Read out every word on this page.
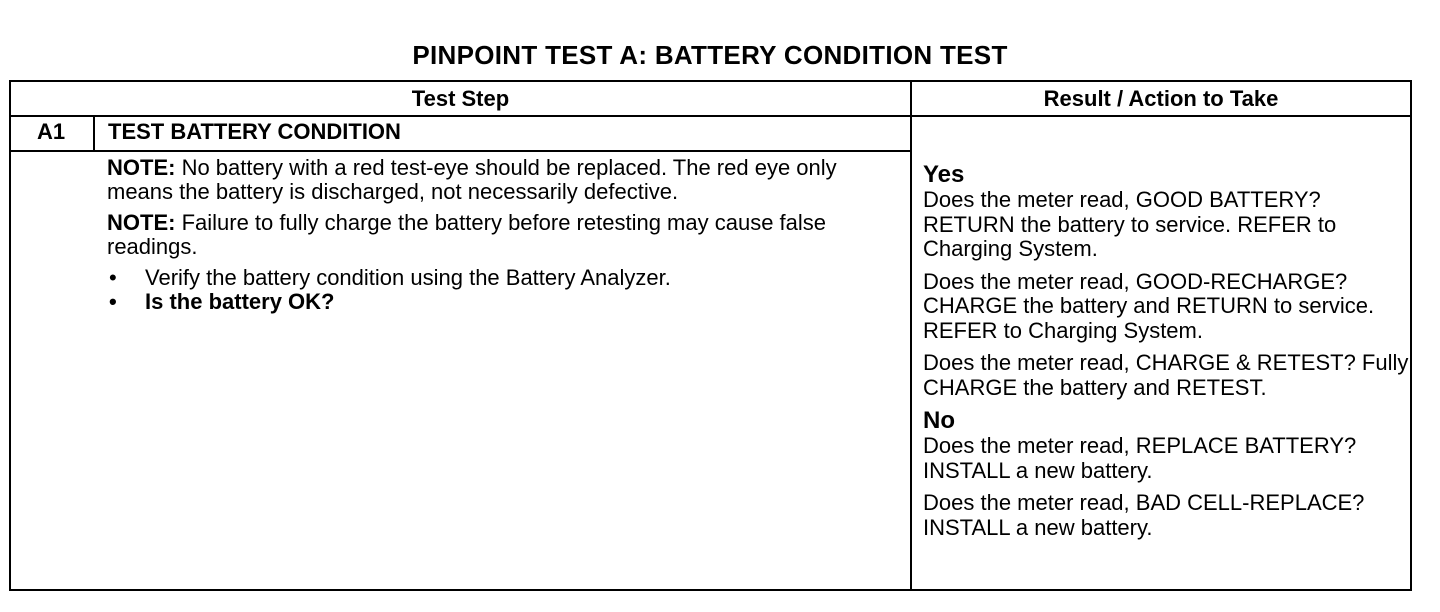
PINPOINT TEST A: BATTERY CONDITION TEST
Test Step	Result / Action to Take
A1	TEST BATTERY CONDITION

NOTE: No battery with a red test-eye should be replaced. The red eye only means the battery is discharged, not necessarily defective.

NOTE: Failure to fully charge the battery before retesting may cause false readings.

• Verify the battery condition using the Battery Analyzer.
• Is the battery OK?
Yes
Does the meter read, GOOD BATTERY? RETURN the battery to service. REFER to Charging System.
Does the meter read, GOOD-RECHARGE? CHARGE the battery and RETURN to service. REFER to Charging System.
Does the meter read, CHARGE & RETEST? Fully CHARGE the battery and RETEST.
No
Does the meter read, REPLACE BATTERY? INSTALL a new battery.
Does the meter read, BAD CELL-REPLACE? INSTALL a new battery.
